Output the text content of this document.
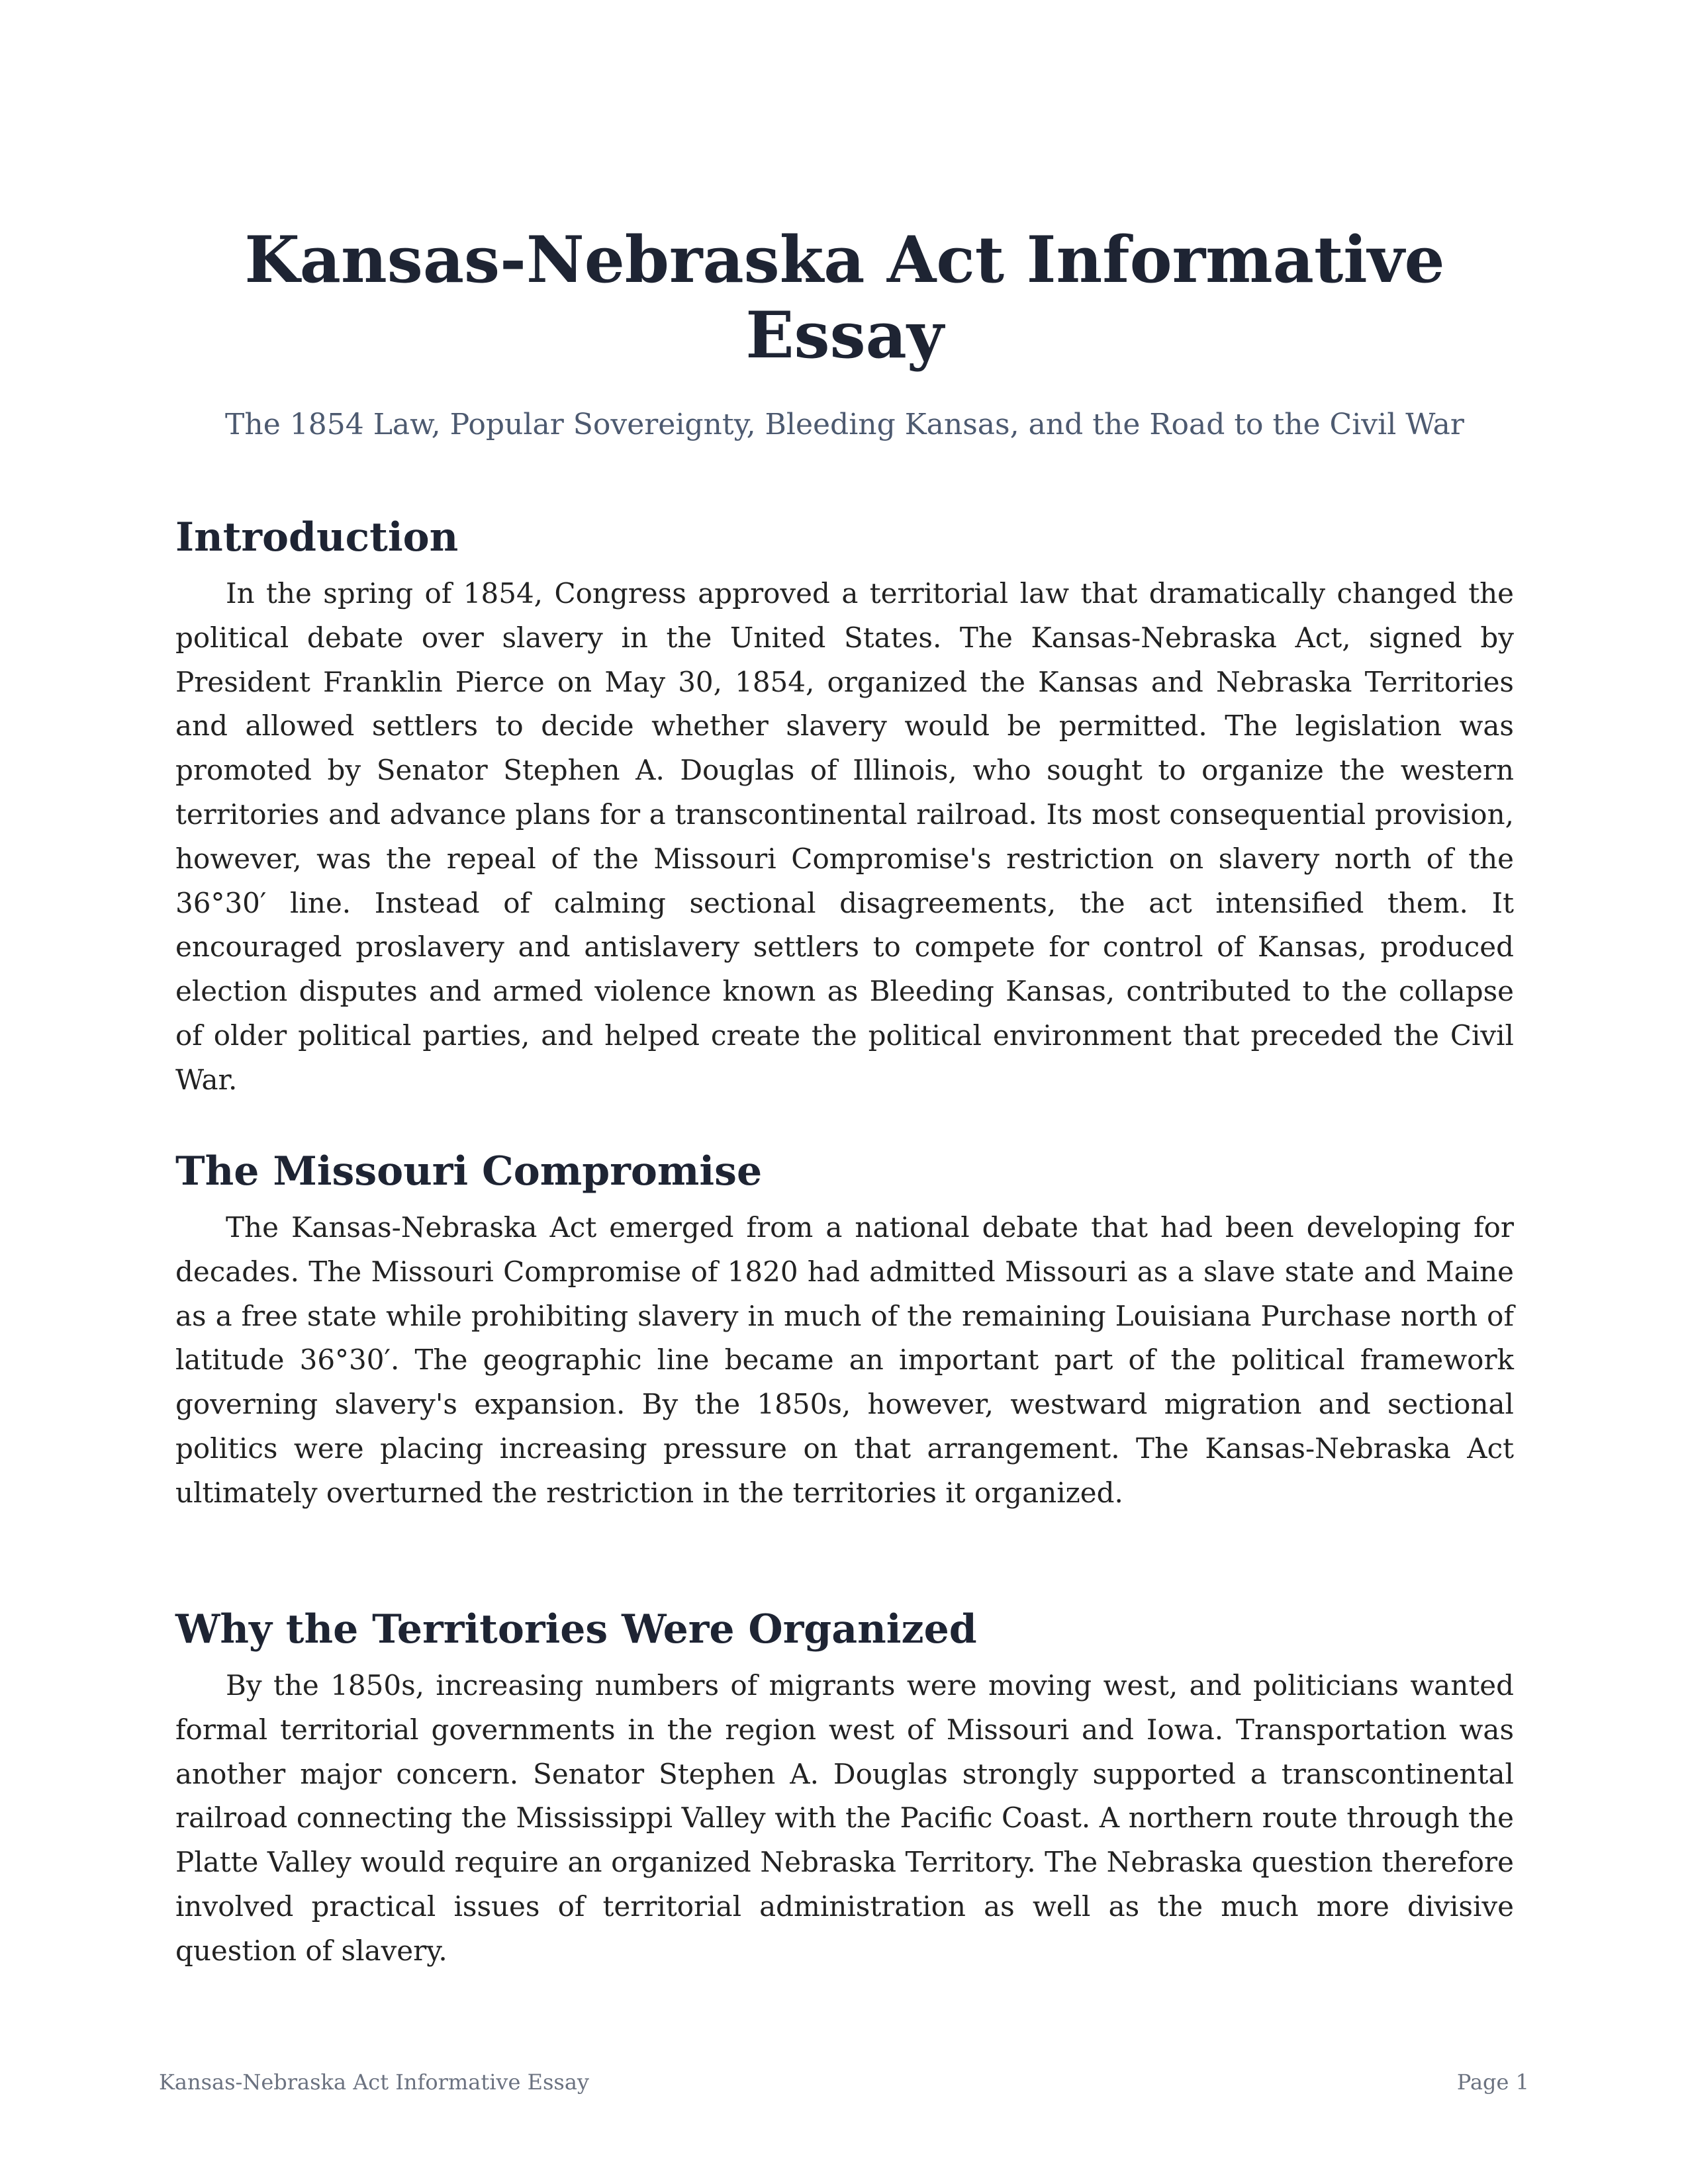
Kansas-Nebraska Act Informative Essay
The 1854 Law, Popular Sovereignty, Bleeding Kansas, and the Road to the Civil War
Introduction

In the spring of 1854, Congress approved a territorial law that dramatically changed the political debate over slavery in the United States. The Kansas-Nebraska Act, signed by President Franklin Pierce on May 30, 1854, organized the Kansas and Nebraska Territories and allowed settlers to decide whether slavery would be permitted. The legislation was promoted by Senator Stephen A. Douglas of Illinois, who sought to organize the western territories and advance plans for a transcontinental railroad. Its most consequential provision, however, was the repeal of the Missouri Compromise's restriction on slavery north of the 36°30′ line. Instead of calming sectional disagreements, the act intensified them. It encouraged proslavery and antislavery settlers to compete for control of Kansas, produced election disputes and armed violence known as Bleeding Kansas, contributed to the collapse of older political parties, and helped create the political environment that preceded the Civil War.

The Missouri Compromise

The Kansas-Nebraska Act emerged from a national debate that had been developing for decades. The Missouri Compromise of 1820 had admitted Missouri as a slave state and Maine as a free state while prohibiting slavery in much of the remaining Louisiana Purchase north of latitude 36°30′. The geographic line became an important part of the political framework governing slavery's expansion. By the 1850s, however, westward migration and sectional politics were placing increasing pressure on that arrangement. The Kansas-Nebraska Act ultimately overturned the restriction in the territories it organized.

Why the Territories Were Organized

By the 1850s, increasing numbers of migrants were moving west, and politicians wanted formal territorial governments in the region west of Missouri and Iowa. Transportation was another major concern. Senator Stephen A. Douglas strongly supported a transcontinental railroad connecting the Mississippi Valley with the Pacific Coast. A northern route through the Platte Valley would require an organized Nebraska Territory. The Nebraska question therefore involved practical issues of territorial administration as well as the much more divisive question of slavery.

Kansas-Nebraska Act Informative Essay	Page 1
